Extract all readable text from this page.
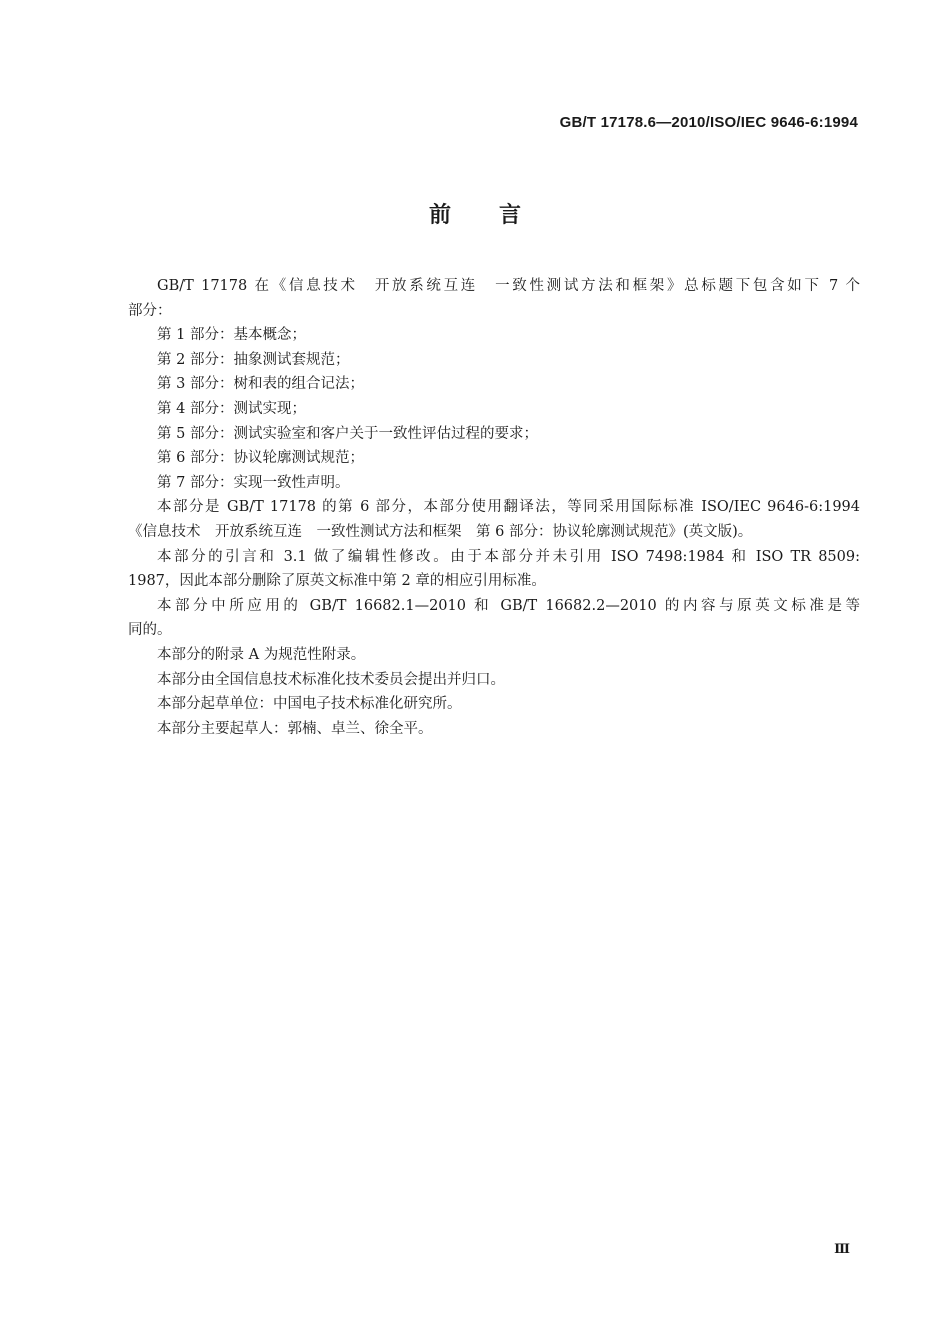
GB/T 17178.6—2010/ISO/IEC 9646-6:1994
前言
GB/T 17178 在《信息技术　开放系统互连　一致性测试方法和框架》总标题下包含如下 7 个
部分：

第 1 部分：基本概念；

第 2 部分：抽象测试套规范；

第 3 部分：树和表的组合记法；

第 4 部分：测试实现；

第 5 部分：测试实验室和客户关于一致性评估过程的要求；

第 6 部分：协议轮廓测试规范；

第 7 部分：实现一致性声明。

本部分是 GB/T 17178 的第 6 部分，本部分使用翻译法，等同采用国际标准 ISO/IEC 9646-6:1994
《信息技术　开放系统互连　一致性测试方法和框架　第 6 部分：协议轮廓测试规范》(英文版)。
本部分的引言和 3.1 做了编辑性修改。由于本部分并未引用 ISO 7498:1984 和 ISO TR 8509:
1987，因此本部分删除了原英文标准中第 2 章的相应引用标准。
本部分中所应用的 GB/T 16682.1—2010 和 GB/T 16682.2—2010 的内容与原英文标准是等
同的。

本部分的附录 A 为规范性附录。

本部分由全国信息技术标准化技术委员会提出并归口。

本部分起草单位：中国电子技术标准化研究所。

本部分主要起草人：郭楠、卓兰、徐全平。

Ⅲ
